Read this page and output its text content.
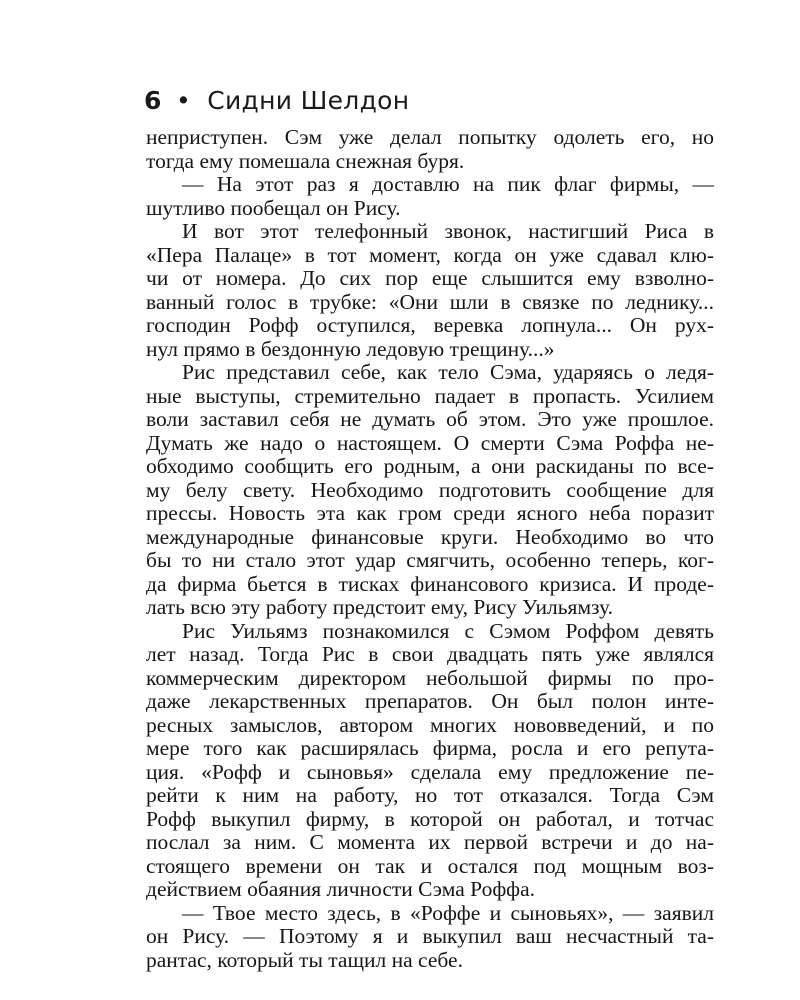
6 • Сидни Шелдон
неприступен. Сэм уже делал попытку одолеть его, но
тогда ему помешала снежная буря.
— На этот раз я доставлю на пик флаг фирмы, —
шутливо пообещал он Рису.
И вот этот телефонный звонок, настигший Риса в
«Пера Палаце» в тот момент, когда он уже сдавал клю-
чи от номера. До сих пор еще слышится ему взволно-
ванный голос в трубке: «Они шли в связке по леднику...
господин Рофф оступился, веревка лопнула... Он рух-
нул прямо в бездонную ледовую трещину...»
Рис представил себе, как тело Сэма, ударяясь о ледя-
ные выступы, стремительно падает в пропасть. Усилием
воли заставил себя не думать об этом. Это уже прошлое.
Думать же надо о настоящем. О смерти Сэма Роффа не-
обходимо сообщить его родным, а они раскиданы по все-
му белу свету. Необходимо подготовить сообщение для
прессы. Новость эта как гром среди ясного неба поразит
международные финансовые круги. Необходимо во что
бы то ни стало этот удар смягчить, особенно теперь, ког-
да фирма бьется в тисках финансового кризиса. И проде-
лать всю эту работу предстоит ему, Рису Уильямзу.
Рис Уильямз познакомился с Сэмом Роффом девять
лет назад. Тогда Рис в свои двадцать пять уже являлся
коммерческим директором небольшой фирмы по про-
даже лекарственных препаратов. Он был полон инте-
ресных замыслов, автором многих нововведений, и по
мере того как расширялась фирма, росла и его репута-
ция. «Рофф и сыновья» сделала ему предложение пе-
рейти к ним на работу, но тот отказался. Тогда Сэм
Рофф выкупил фирму, в которой он работал, и тотчас
послал за ним. С момента их первой встречи и до на-
стоящего времени он так и остался под мощным воз-
действием обаяния личности Сэма Роффа.
— Твое место здесь, в «Роффе и сыновьях», — заявил
он Рису. — Поэтому я и выкупил ваш несчастный та-
рантас, который ты тащил на себе.
